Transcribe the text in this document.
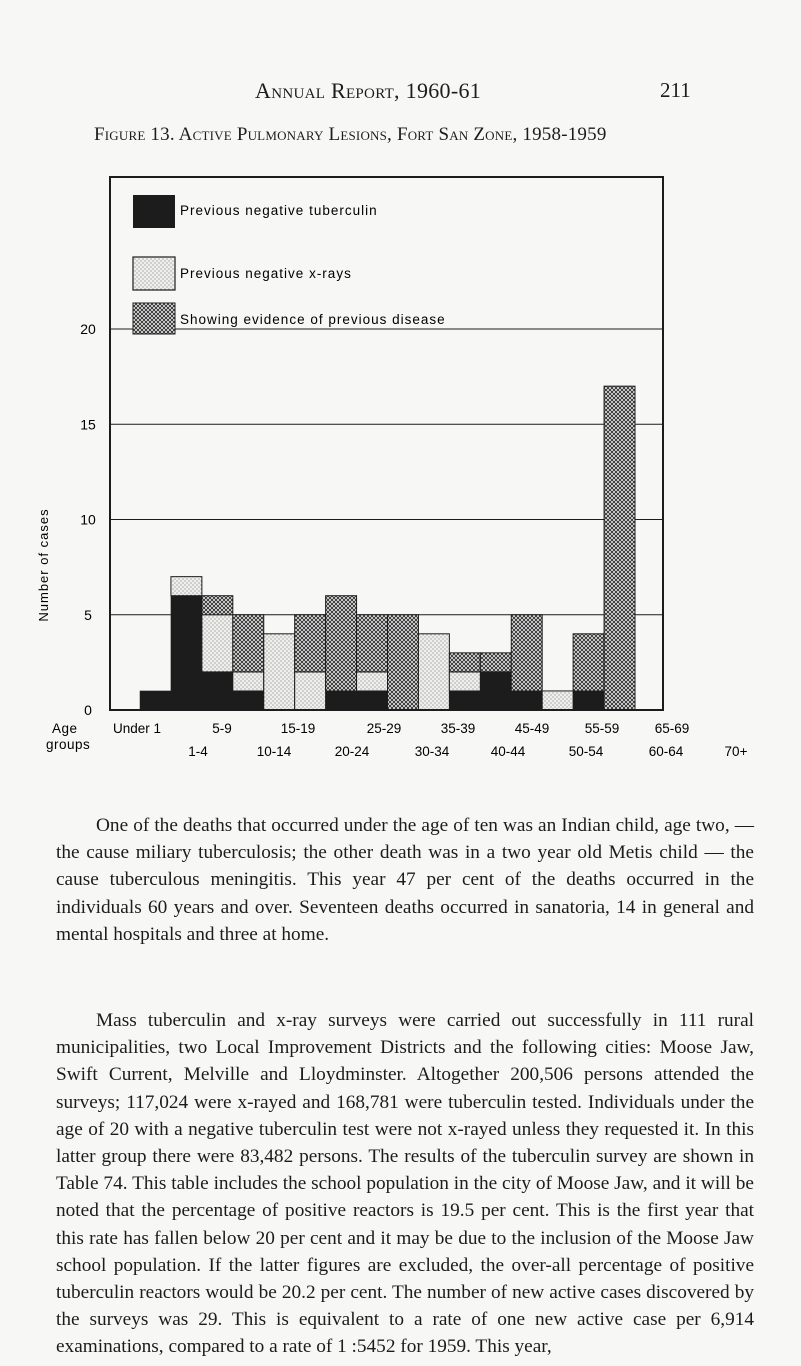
Annual Report, 1960-61	211
Figure 13. Active Pulmonary Lesions, Fort San Zone, 1958-1959
0
5
10
15
20
Number of cases
Previous negative tuberculin
Previous negative x-rays
Showing evidence of previous disease
Age
groups
Under 1	5-9	15-19	25-29	35-39	45-49	55-59	65-69
1-4	10-14	20-24	30-34	40-44	50-54	60-64	70+
One of the deaths that occurred under the age of ten was an Indian child, age two, — the cause miliary tuberculosis; the other death was in a two year old Metis child — the cause tuberculous meningitis. This year 47 per cent of the deaths occurred in the individuals 60 years and over. Seventeen deaths occurred in sanatoria, 14 in general and mental hospitals and three at home.
Mass tuberculin and x-ray surveys were carried out successfully in 111 rural municipalities, two Local Improvement Districts and the following cities: Moose Jaw, Swift Current, Melville and Lloydminster. Altogether 200,506 persons attended the surveys; 117,024 were x-rayed and 168,781 were tuberculin tested. Individuals under the age of 20 with a negative tuberculin test were not x-rayed unless they requested it. In this latter group there were 83,482 persons. The results of the tuberculin survey are shown in Table 74. This table includes the school population in the city of Moose Jaw, and it will be noted that the percentage of positive reactors is 19.5 per cent. This is the first year that this rate has fallen below 20 per cent and it may be due to the inclusion of the Moose Jaw school population. If the latter figures are excluded, the over-all percentage of positive tuberculin reactors would be 20.2 per cent. The number of new active cases discovered by the surveys was 29. This is equivalent to a rate of one new active case per 6,914 examinations, compared to a rate of 1 :5452 for 1959. This year,
